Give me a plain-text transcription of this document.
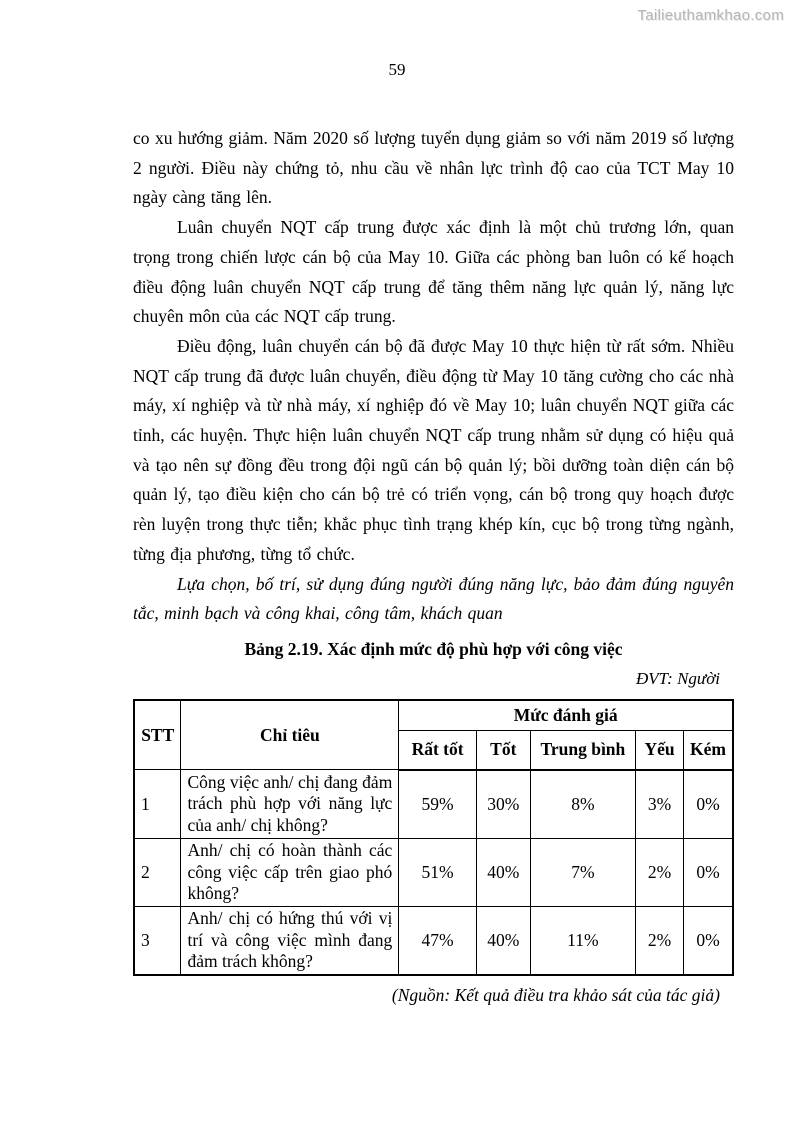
Tailieuthamkhao.com
59

co xu hướng giảm. Năm 2020 số lượng tuyển dụng giảm so với năm 2019 số lượng 2 người. Điều này chứng tỏ, nhu cầu về nhân lực trình độ cao của TCT May 10 ngày càng tăng lên.

Luân chuyển NQT cấp trung được xác định là một chủ trương lớn, quan trọng trong chiến lược cán bộ của May 10. Giữa các phòng ban luôn có kế hoạch điều động luân chuyển NQT cấp trung để tăng thêm năng lực quản lý, năng lực chuyên môn của các NQT cấp trung.

Điều động, luân chuyển cán bộ đã được May 10 thực hiện từ rất sớm. Nhiều NQT cấp trung đã được luân chuyển, điều động từ May 10 tăng cường cho các nhà máy, xí nghiệp và từ nhà máy, xí nghiệp đó về May 10; luân chuyển NQT giữa các tỉnh, các huyện. Thực hiện luân chuyển NQT cấp trung nhằm sử dụng có hiệu quả và tạo nên sự đồng đều trong đội ngũ cán bộ quản lý; bồi dưỡng toàn diện cán bộ quản lý, tạo điều kiện cho cán bộ trẻ có triển vọng, cán bộ trong quy hoạch được rèn luyện trong thực tiễn; khắc phục tình trạng khép kín, cục bộ trong từng ngành, từng địa phương, từng tổ chức.

Lựa chọn, bố trí, sử dụng đúng người đúng năng lực, bảo đảm đúng nguyên tắc, minh bạch và công khai, công tâm, khách quan

Bảng 2.19. Xác định mức độ phù hợp với công việc
ĐVT: Người
STT	Chỉ tiêu	Mức đánh giá				
		Rất tốt	Tốt	Trung bình	Yếu	Kém
1	Công việc anh/ chị đang đảm trách phù hợp với năng lực của anh/ chị không?	59%	30%	8%	3%	0%
2	Anh/ chị có hoàn thành các công việc cấp trên giao phó không?	51%	40%	7%	2%	0%
3	Anh/ chị có hứng thú với vị trí và công việc mình đang đảm trách không?	47%	40%	11%	2%	0%
(Nguồn: Kết quả điều tra khảo sát của tác giả)
